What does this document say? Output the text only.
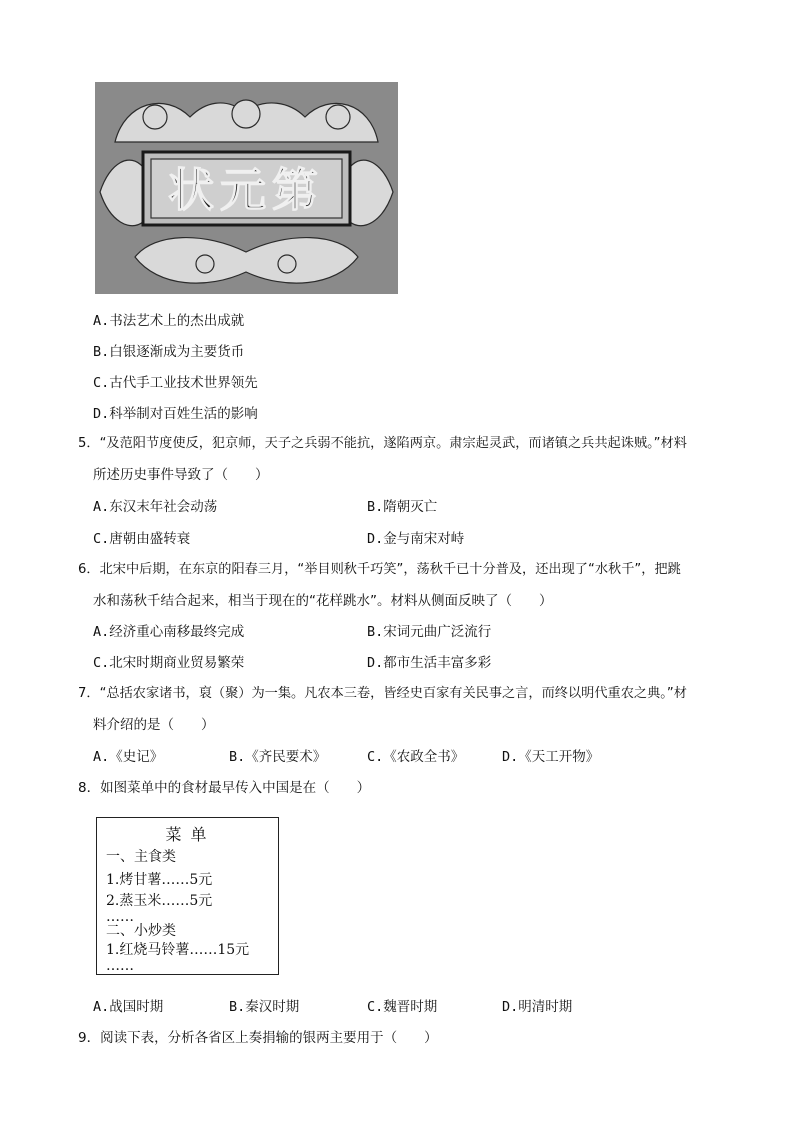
状元第
A.书法艺术上的杰出成就
B.白银逐渐成为主要货币
C.古代手工业技术世界领先
D.科举制对百姓生活的影响
5．“及范阳节度使反，犯京师，天子之兵弱不能抗，遂陷两京。肃宗起灵武，而诸镇之兵共起诛贼。”材料
所述历史事件导致了（　　）
A.东汉末年社会动荡	B.隋朝灭亡
C.唐朝由盛转衰	D.金与南宋对峙
6．北宋中后期，在东京的阳春三月，“举目则秋千巧笑”，荡秋千已十分普及，还出现了“水秋千”，把跳
水和荡秋千结合起来，相当于现在的“花样跳水”。材料从侧面反映了（　　）
A.经济重心南移最终完成	B.宋词元曲广泛流行
C.北宋时期商业贸易繁荣	D.都市生活丰富多彩
7．“总括农家诸书，裒（聚）为一集。凡农本三卷，皆经史百家有关民事之言，而终以明代重农之典。”材
料介绍的是（　　）
A.《史记》	B.《齐民要术》	C.《农政全书》	D.《天工开物》
8．如图菜单中的食材最早传入中国是在（　　）
菜 单
一、主食类
1.烤甘薯……5元
2.蒸玉米……5元
……
二、小炒类
1.红烧马铃薯……15元
……
A.战国时期	B.秦汉时期	C.魏晋时期	D.明清时期
9．阅读下表，分析各省区上奏捐输的银两主要用于（　　）
